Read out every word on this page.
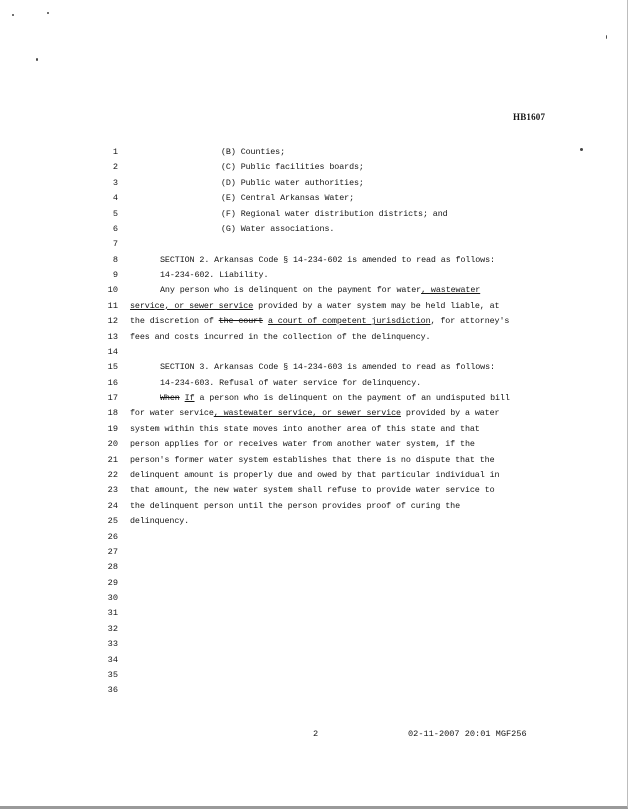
HB1607
1	(B) Counties;
2	(C) Public facilities boards;
3	(D) Public water authorities;
4	(E) Central Arkansas Water;
5	(F) Regional water distribution districts; and
6	(G) Water associations.
7
8	SECTION 2. Arkansas Code § 14-234-602 is amended to read as follows:
9	14-234-602. Liability.
10	Any person who is delinquent on the payment for water, wastewater
11 service, or sewer service provided by a water system may be held liable, at
12 the discretion of the court a court of competent jurisdiction, for attorney's
13 fees and costs incurred in the collection of the delinquency.
14
15	SECTION 3. Arkansas Code § 14-234-603 is amended to read as follows:
16	14-234-603. Refusal of water service for delinquency.
17	When If a person who is delinquent on the payment of an undisputed bill
18 for water service, wastewater service, or sewer service provided by a water
19 system within this state moves into another area of this state and that
20 person applies for or receives water from another water system, if the
21 person's former water system establishes that there is no dispute that the
22 delinquent amount is properly due and owed by that particular individual in
23 that amount, the new water system shall refuse to provide water service to
24 the delinquent person until the person provides proof of curing the
25 delinquency.
26
27
28
29
30
31
32
33
34
35
36
2	02-11-2007 20:01 MGF256
